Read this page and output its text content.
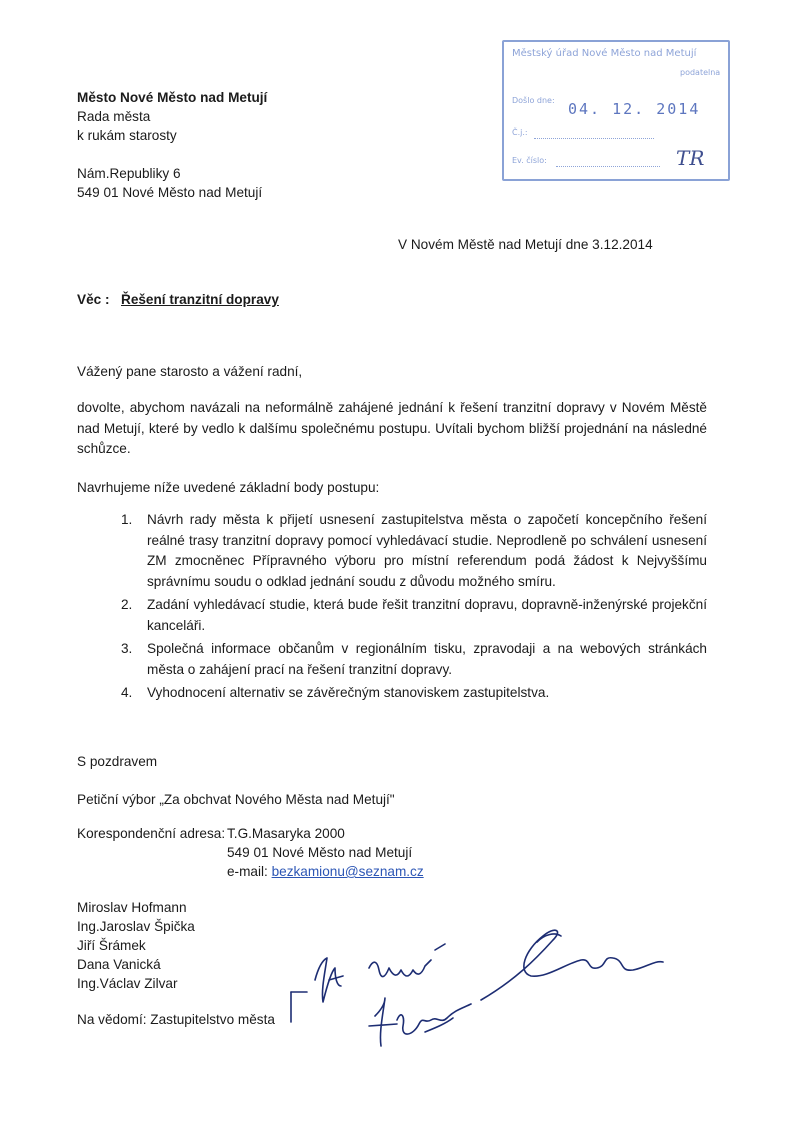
Město Nové Město nad Metují
Rada města
k rukám starosty
Nám.Republiky 6
549 01 Nové Město nad Metují
Městský úřad Nové Město nad Metují
podatelna
Došlo dne: 04. 12. 2014
Č.j.:
Ev. číslo:	TR
V Novém Městě nad Metují dne 3.12.2014
Věc : Řešení tranzitní dopravy
Vážený pane starosto a vážení radní,
dovolte, abychom navázali na neformálně zahájené jednání k řešení tranzitní dopravy v Novém Městě nad Metují, které by vedlo k dalšímu společnému postupu. Uvítali bychom bližší projednání na následné schůzce.
Navrhujeme níže uvedené základní body postupu:
1. Návrh rady města k přijetí usnesení zastupitelstva města o započetí koncepčního řešení reálné trasy tranzitní dopravy pomocí vyhledávací studie. Neprodleně po schválení usnesení ZM zmocněnec Přípravného výboru pro místní referendum podá žádost k Nejvyššímu správnímu soudu o odklad jednání soudu z důvodu možného smíru.
2. Zadání vyhledávací studie, která bude řešit tranzitní dopravu, dopravně-inženýrské projekční kanceláři.
3. Společná informace občanům v regionálním tisku, zpravodaji a na webových stránkách města o zahájení prací na řešení tranzitní dopravy.
4. Vyhodnocení alternativ se závěrečným stanoviskem zastupitelstva.
S pozdravem
Petiční výbor „Za obchvat Nového Města nad Metují"
Korespondenční adresa: T.G.Masaryka 2000
549 01 Nové Město nad Metují
e-mail: bezkamionu@seznam.cz
Miroslav Hofmann
Ing.Jaroslav Špička
Jiří Šrámek
Dana Vanická
Ing.Václav Zilvar
Na vědomí: Zastupitelstvo města
